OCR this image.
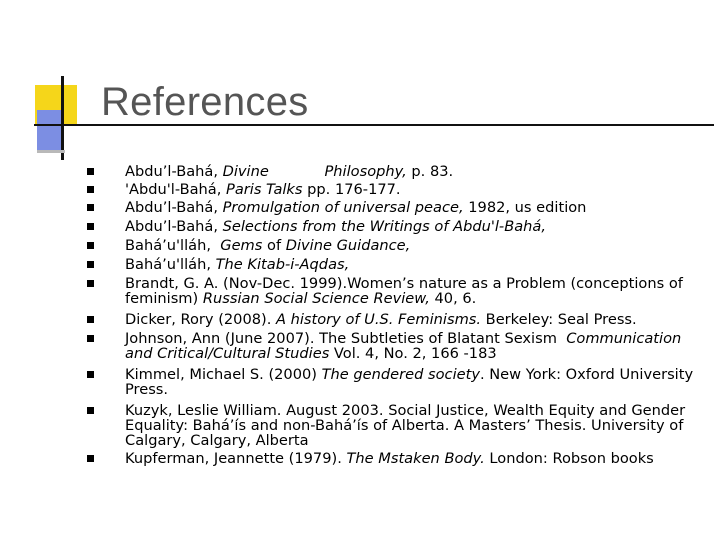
References
Abdu’l-Bahá, Divine            Philosophy, p. 83.
'Abdu'l-Bahá, Paris Talks pp. 176-177.
Abdu’l-Bahá, Promulgation of universal peace, 1982, us edition
Abdu’l-Bahá, Selections from the Writings of Abdu'l-Bahá,
Bahá’u'lláh,  Gems of Divine Guidance,
Bahá’u'lláh, The Kitab-i-Aqdas,
Brandt, G. A. (Nov-Dec. 1999).Women’s nature as a Problem (conceptions of
feminism) Russian Social Science Review, 40, 6.
Dicker, Rory (2008). A history of U.S. Feminisms. Berkeley: Seal Press.
Johnson, Ann (June 2007). The Subtleties of Blatant Sexism  Communication
and Critical/Cultural Studies Vol. 4, No. 2, 166 -183
Kimmel, Michael S. (2000) The gendered society. New York: Oxford University
Press.
Kuzyk, Leslie William. August 2003. Social Justice, Wealth Equity and Gender
Equality: Bahá’ís and non-Bahá’ís of Alberta. A Masters’ Thesis. University of
Calgary, Calgary, Alberta
Kupferman, Jeannette (1979). The Mstaken Body. London: Robson books
